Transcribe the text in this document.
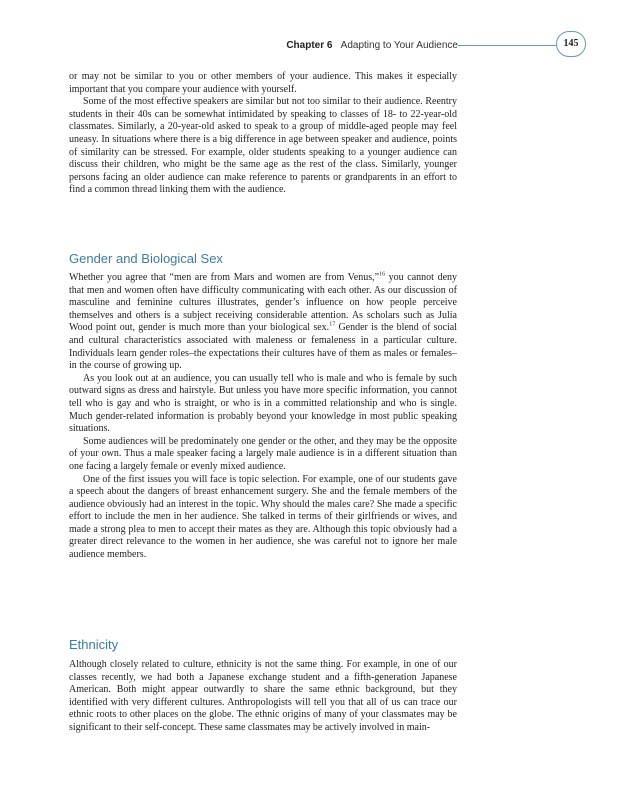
Chapter 6 Adapting to Your Audience	145

or may not be similar to you or other members of your audience. This makes it especially important that you compare your audience with yourself.

Some of the most effective speakers are similar but not too similar to their audience. Reentry students in their 40s can be somewhat intimidated by speaking to classes of 18- to 22-year-old classmates. Similarly, a 20-year-old asked to speak to a group of middle-aged people may feel uneasy. In situations where there is a big difference in age between speaker and audience, points of similarity can be stressed. For example, older students speaking to a younger audience can discuss their children, who might be the same age as the rest of the class. Similarly, younger persons facing an older audience can make reference to parents or grandparents in an effort to find a common thread linking them with the audience.

Gender and Biological Sex

Whether you agree that “men are from Mars and women are from Venus,”$^{16}$ you cannot deny that men and women often have difficulty communicating with each other. As our discussion of masculine and feminine cultures illustrates, gender’s influence on how people perceive themselves and others is a subject receiving considerable attention. As scholars such as Julia Wood point out, gender is much more than your biological sex.$^{17}$ Gender is the blend of social and cultural characteristics associated with maleness or femaleness in a particular culture. Individuals learn gender roles–the expectations their cultures have of them as males or females–in the course of growing up.

As you look out at an audience, you can usually tell who is male and who is female by such outward signs as dress and hairstyle. But unless you have more specific information, you cannot tell who is gay and who is straight, or who is in a committed relationship and who is single. Much gender-related information is probably beyond your knowledge in most public speaking situations.

Some audiences will be predominately one gender or the other, and they may be the opposite of your own. Thus a male speaker facing a largely male audience is in a different situation than one facing a largely female or evenly mixed audience.

One of the first issues you will face is topic selection. For example, one of our students gave a speech about the dangers of breast enhancement surgery. She and the female members of the audience obviously had an interest in the topic. Why should the males care? She made a specific effort to include the men in her audience. She talked in terms of their girlfriends or wives, and made a strong plea to men to accept their mates as they are. Although this topic obviously had a greater direct relevance to the women in her audience, she was careful not to ignore her male audience members.

Ethnicity

Although closely related to culture, ethnicity is not the same thing. For example, in one of our classes recently, we had both a Japanese exchange student and a fifth-generation Japanese American. Both might appear outwardly to share the same ethnic background, but they identified with very different cultures. Anthropologists will tell you that all of us can trace our ethnic roots to other places on the globe. The ethnic origins of many of your classmates may be significant to their self-concept. These same classmates may be actively involved in main-
